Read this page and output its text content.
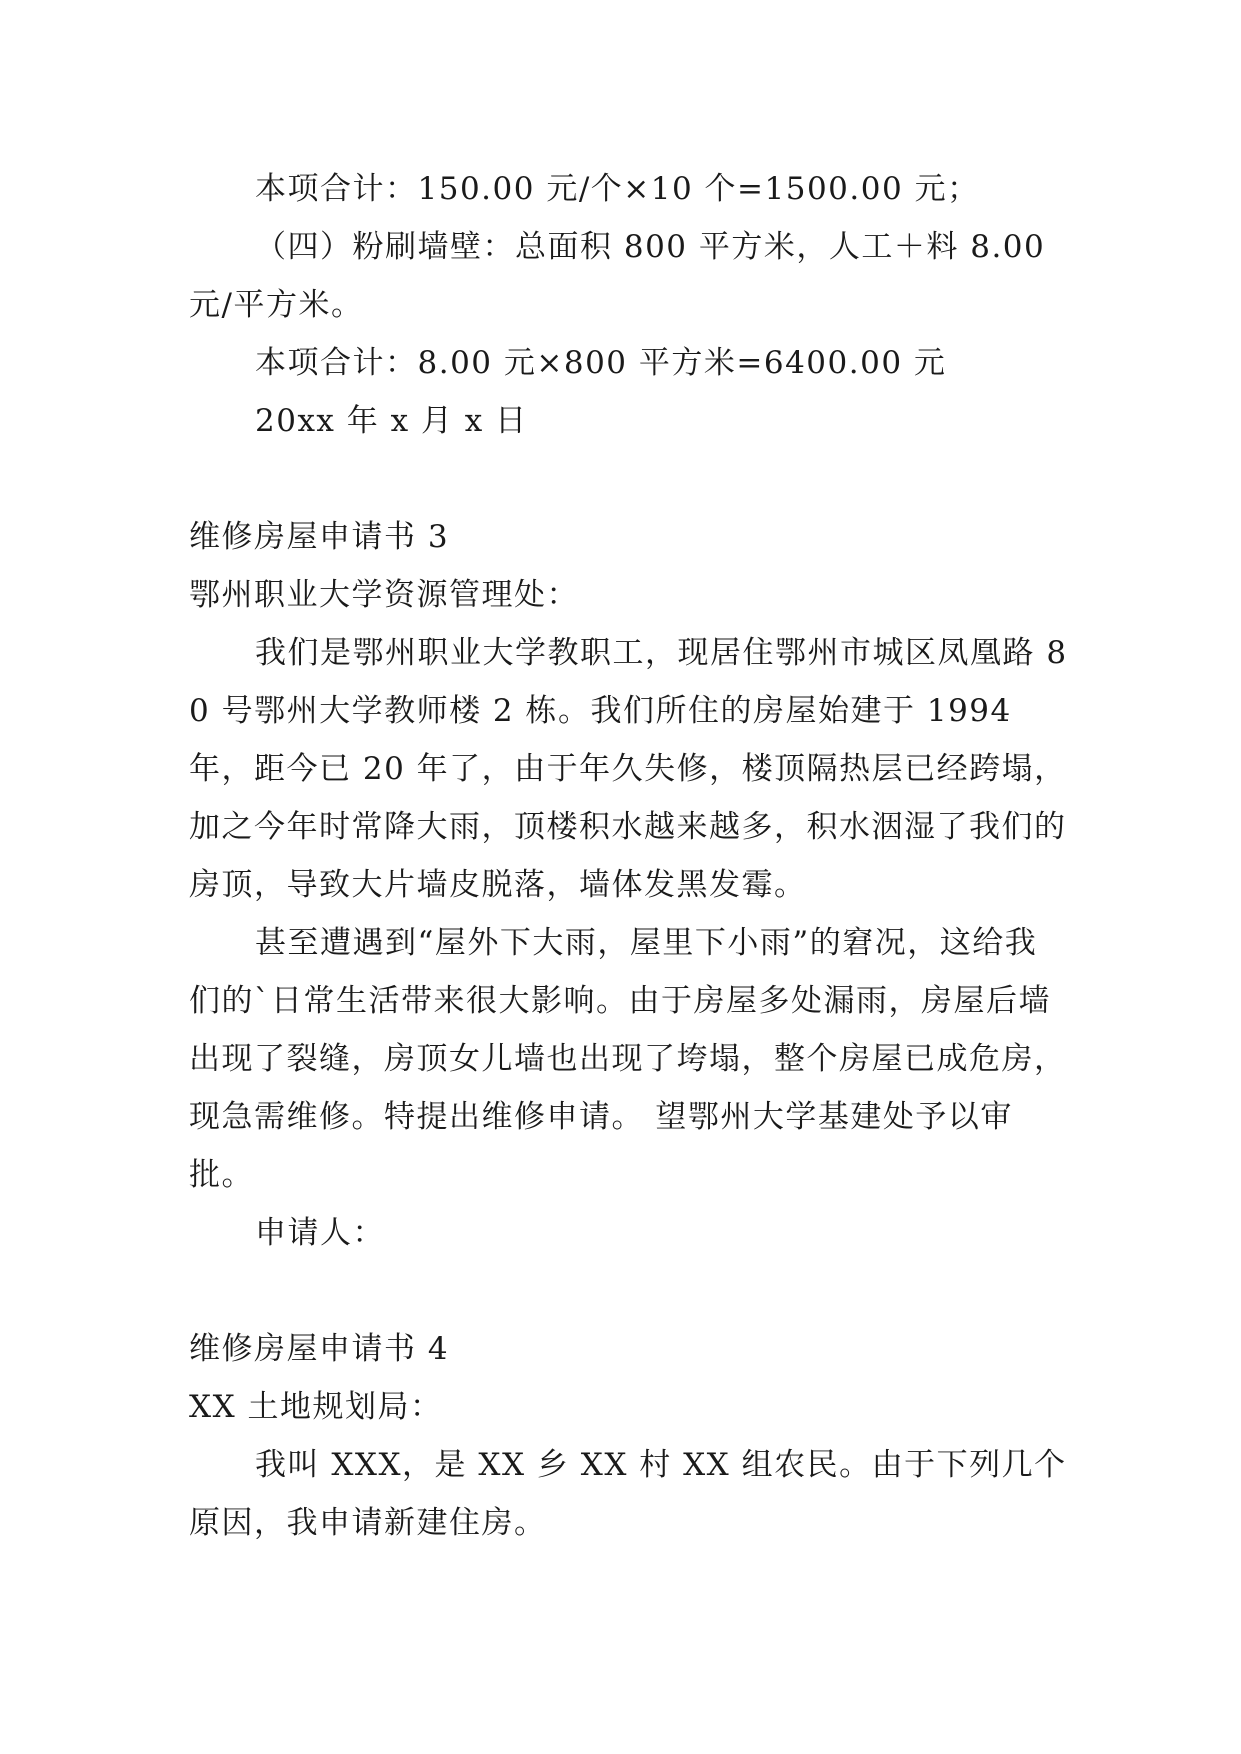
本项合计：150.00 元/个×10 个=1500.00 元；

（四）粉刷墙壁：总面积 800 平方米，人工＋料 8.00 元/平方米。

本项合计：8.00 元×800 平方米=6400.00 元

20xx 年 x 月 x 日

维修房屋申请书 3

鄂州职业大学资源管理处：

我们是鄂州职业大学教职工，现居住鄂州市城区凤凰路 80 号鄂州大学教师楼 2 栋。我们所住的房屋始建于 1994 年，距今已 20 年了，由于年久失修，楼顶隔热层已经跨塌，加之今年时常降大雨，顶楼积水越来越多，积水洇湿了我们的房顶，导致大片墙皮脱落，墙体发黑发霉。

甚至遭遇到“屋外下大雨，屋里下小雨”的窘况，这给我们的`日常生活带来很大影响。由于房屋多处漏雨，房屋后墙出现了裂缝，房顶女儿墙也出现了垮塌，整个房屋已成危房，现急需维修。特提出维修申请。 望鄂州大学基建处予以审批。

申请人：

维修房屋申请书 4

XX 土地规划局：

我叫 XXX，是 XX 乡 XX 村 XX 组农民。由于下列几个原因，我申请新建住房。
